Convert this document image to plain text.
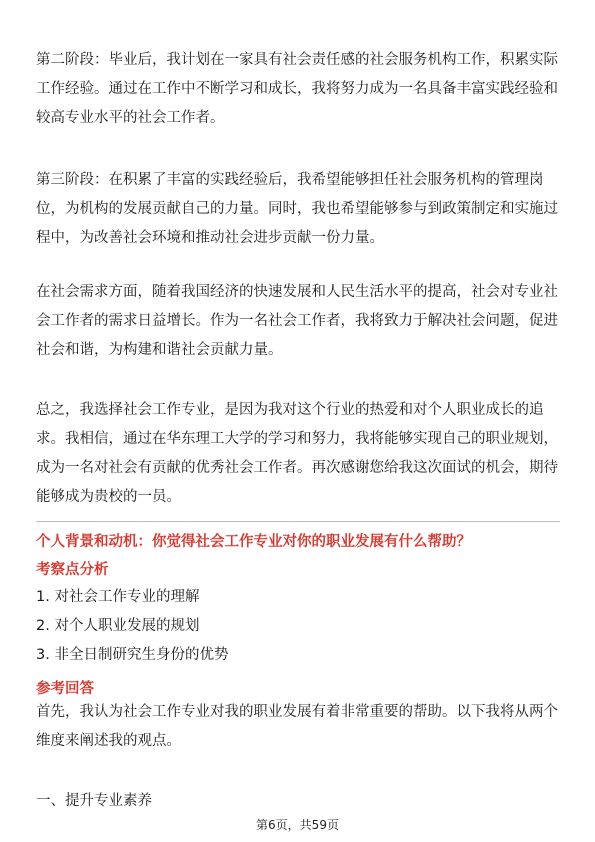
第二阶段：毕业后，我计划在一家具有社会责任感的社会服务机构工作，积累实际
工作经验。通过在工作中不断学习和成长，我将努力成为一名具备丰富实践经验和
较高专业水平的社会工作者。
第三阶段：在积累了丰富的实践经验后，我希望能够担任社会服务机构的管理岗
位，为机构的发展贡献自己的力量。同时，我也希望能够参与到政策制定和实施过
程中，为改善社会环境和推动社会进步贡献一份力量。
在社会需求方面，随着我国经济的快速发展和人民生活水平的提高，社会对专业社
会工作者的需求日益增长。作为一名社会工作者，我将致力于解决社会问题，促进
社会和谐，为构建和谐社会贡献力量。
总之，我选择社会工作专业，是因为我对这个行业的热爱和对个人职业成长的追
求。我相信，通过在华东理工大学的学习和努力，我将能够实现自己的职业规划，
成为一名对社会有贡献的优秀社会工作者。再次感谢您给我这次面试的机会，期待
能够成为贵校的一员。

个人背景和动机：你觉得社会工作专业对你的职业发展有什么帮助？

考察点分析

1. 对社会工作专业的理解

2. 对个人职业发展的规划

3. 非全日制研究生身份的优势

参考回答

首先，我认为社会工作专业对我的职业发展有着非常重要的帮助。以下我将从两个
维度来阐述我的观点。

一、提升专业素养

第6页，共59页
